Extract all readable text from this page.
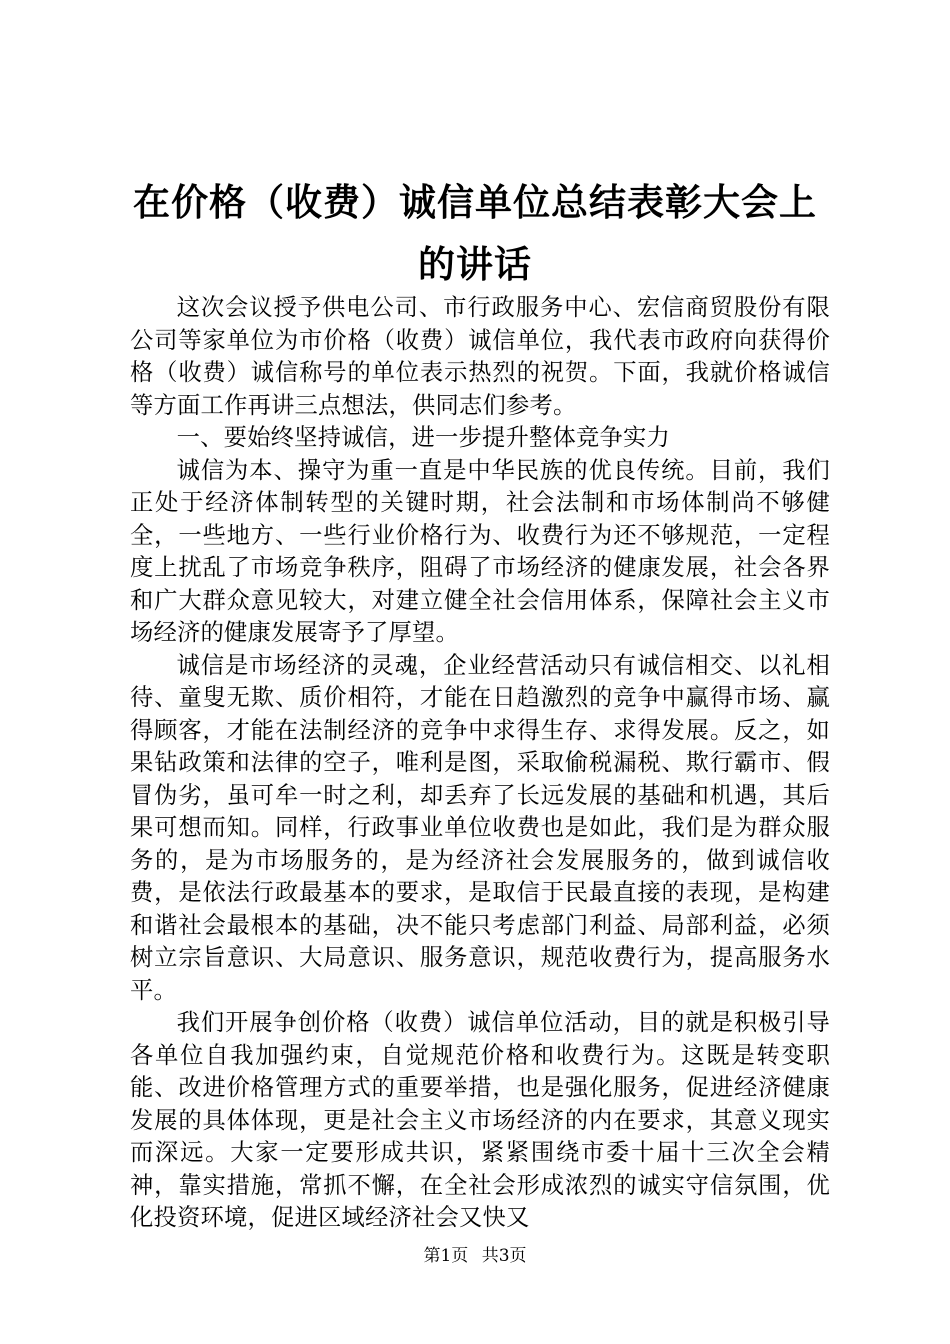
在价格（收费）诚信单位总结表彰大会上的讲话

这次会议授予供电公司、市行政服务中心、宏信商贸股份有限公司等家单位为市价格（收费）诚信单位，我代表市政府向获得价格（收费）诚信称号的单位表示热烈的祝贺。下面，我就价格诚信等方面工作再讲三点想法，供同志们参考。

一、要始终坚持诚信，进一步提升整体竞争实力

诚信为本、操守为重一直是中华民族的优良传统。目前，我们正处于经济体制转型的关键时期，社会法制和市场体制尚不够健全，一些地方、一些行业价格行为、收费行为还不够规范，一定程度上扰乱了市场竞争秩序，阻碍了市场经济的健康发展，社会各界和广大群众意见较大，对建立健全社会信用体系，保障社会主义市场经济的健康发展寄予了厚望。

诚信是市场经济的灵魂，企业经营活动只有诚信相交、以礼相待、童叟无欺、质价相符，才能在日趋激烈的竞争中赢得市场、赢得顾客，才能在法制经济的竞争中求得生存、求得发展。反之，如果钻政策和法律的空子，唯利是图，采取偷税漏税、欺行霸市、假冒伪劣，虽可牟一时之利，却丢弃了长远发展的基础和机遇，其后果可想而知。同样，行政事业单位收费也是如此，我们是为群众服务的，是为市场服务的，是为经济社会发展服务的，做到诚信收费，是依法行政最基本的要求，是取信于民最直接的表现，是构建和谐社会最根本的基础，决不能只考虑部门利益、局部利益，必须树立宗旨意识、大局意识、服务意识，规范收费行为，提高服务水平。

我们开展争创价格（收费）诚信单位活动，目的就是积极引导各单位自我加强约束，自觉规范价格和收费行为。这既是转变职能、改进价格管理方式的重要举措，也是强化服务，促进经济健康发展的具体体现，更是社会主义市场经济的内在要求，其意义现实而深远。大家一定要形成共识，紧紧围绕市委十届十三次全会精神，靠实措施，常抓不懈，在全社会形成浓烈的诚实守信氛围，优化投资环境，促进区域经济社会又快又

第1页 共3页
